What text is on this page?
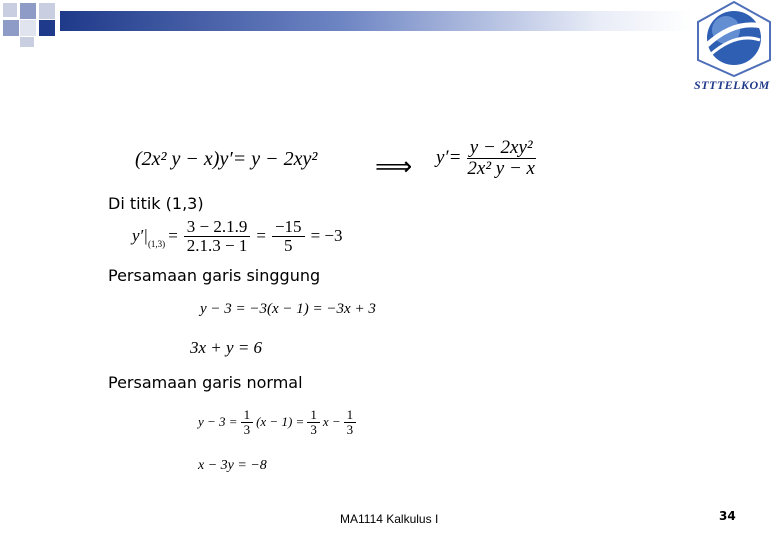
STTTELKOM
(2x² y − x)y′= y − 2xy² ⟹ $y'= \frac{\text{y − 2xy²}}{\text{2x² y − x}}$
Di titik (1,3)
y′| $(1,3) = \frac{3 - 2.1.9}{2.1.3 - 1} = \frac{-15}{5} = -3$
Persamaan garis singgung
y − 3 = −3(x − 1) = −3x + 3
3x + y = 6
Persamaan garis normal
$y - 3 = \frac{1}{3} (x - 1) = \frac{1}{3}$ $x - \frac{1}{3}$
x − 3y = −8
MA1114 Kalkulus I	34
